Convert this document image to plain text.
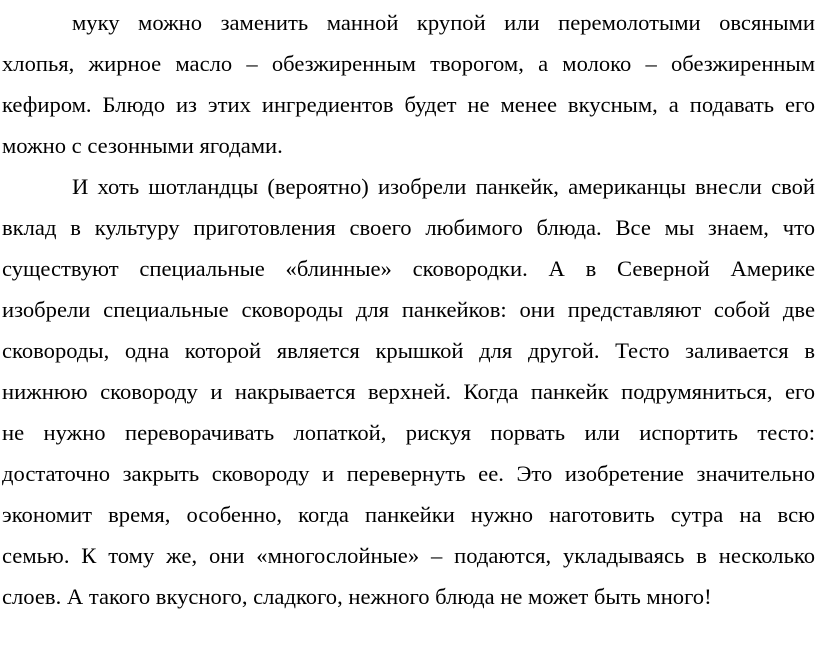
муку можно заменить манной крупой или перемолотыми овсяными
хлопья, жирное масло – обезжиренным творогом, а молоко – обезжиренным
кефиром. Блюдо из этих ингредиентов будет не менее вкусным, а подавать его
можно с сезонными ягодами.
И хоть шотландцы (вероятно) изобрели панкейк, американцы внесли свой
вклад в культуру приготовления своего любимого блюда. Все мы знаем, что
существуют специальные «блинные» сковородки. А в Северной Америке
изобрели специальные сковороды для панкейков: они представляют собой две
сковороды, одна которой является крышкой для другой. Тесто заливается в
нижнюю сковороду и накрывается верхней. Когда панкейк подрумяниться, его
не нужно переворачивать лопаткой, рискуя порвать или испортить тесто:
достаточно закрыть сковороду и перевернуть ее. Это изобретение значительно
экономит время, особенно, когда панкейки нужно наготовить сутра на всю
семью. К тому же, они «многослойные» – подаются, укладываясь в несколько
слоев. А такого вкусного, сладкого, нежного блюда не может быть много!
